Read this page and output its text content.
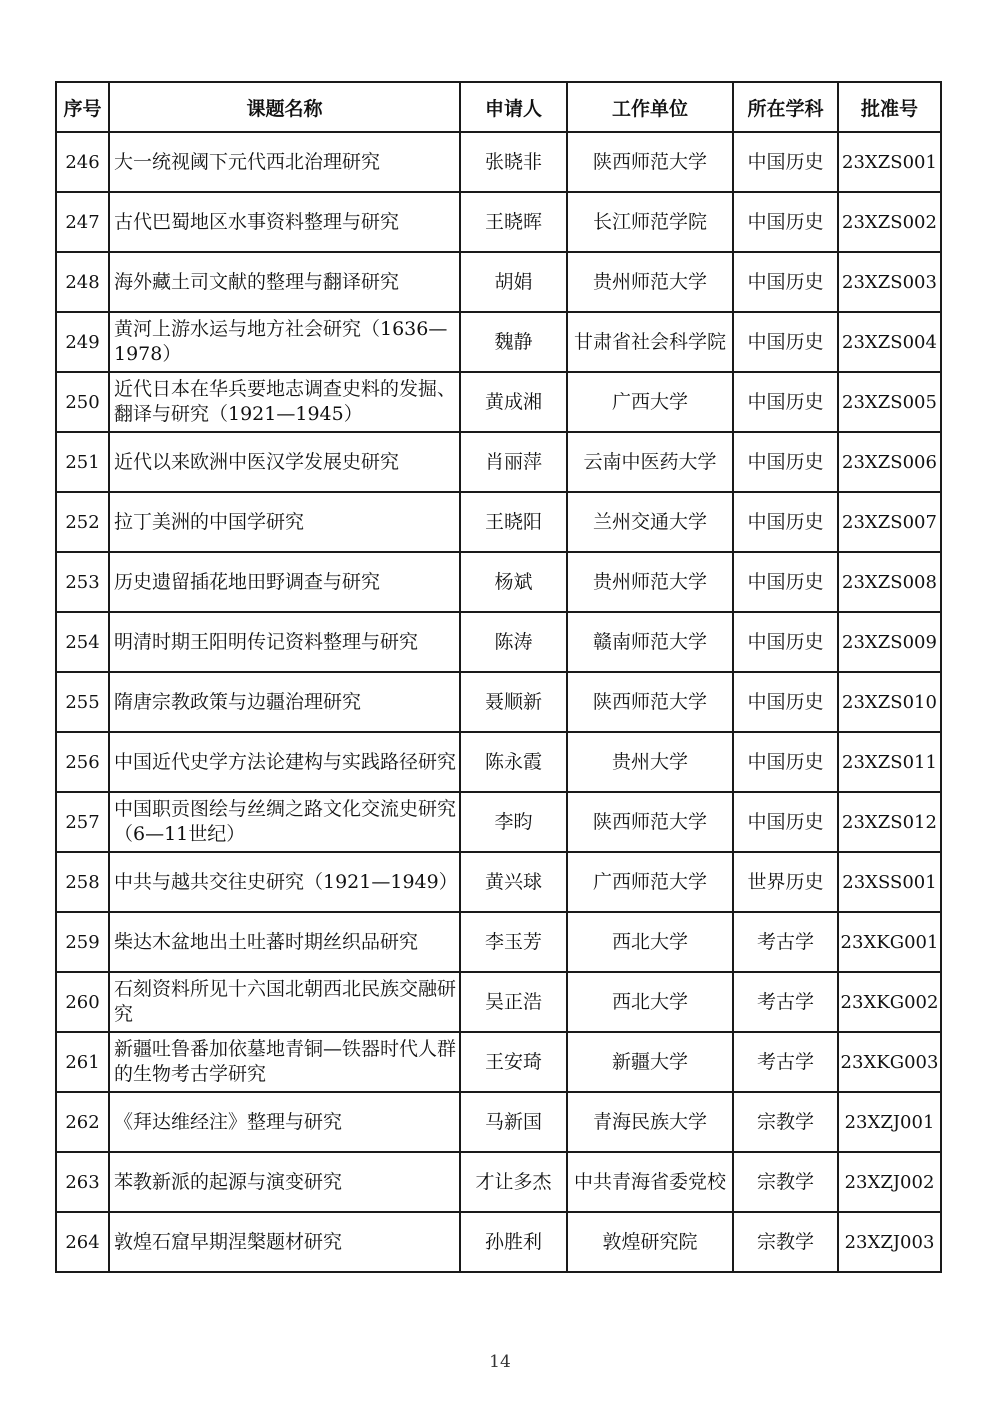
序号	课题名称	申请人	工作单位	所在学科	批准号
246	大一统视阈下元代西北治理研究	张晓非	陕西师范大学	中国历史	23XZS001
247	古代巴蜀地区水事资料整理与研究	王晓晖	长江师范学院	中国历史	23XZS002
248	海外藏土司文献的整理与翻译研究	胡娟	贵州师范大学	中国历史	23XZS003
249	黄河上游水运与地方社会研究（1636—1978）	魏静	甘肃省社会科学院	中国历史	23XZS004
250	近代日本在华兵要地志调查史料的发掘、翻译与研究（1921—1945）	黄成湘	广西大学	中国历史	23XZS005
251	近代以来欧洲中医汉学发展史研究	肖丽萍	云南中医药大学	中国历史	23XZS006
252	拉丁美洲的中国学研究	王晓阳	兰州交通大学	中国历史	23XZS007
253	历史遗留插花地田野调查与研究	杨斌	贵州师范大学	中国历史	23XZS008
254	明清时期王阳明传记资料整理与研究	陈涛	赣南师范大学	中国历史	23XZS009
255	隋唐宗教政策与边疆治理研究	聂顺新	陕西师范大学	中国历史	23XZS010
256	中国近代史学方法论建构与实践路径研究	陈永霞	贵州大学	中国历史	23XZS011
257	中国职贡图绘与丝绸之路文化交流史研究（6—11世纪）	李昀	陕西师范大学	中国历史	23XZS012
258	中共与越共交往史研究（1921—1949）	黄兴球	广西师范大学	世界历史	23XSS001
259	柴达木盆地出土吐蕃时期丝织品研究	李玉芳	西北大学	考古学	23XKG001
260	石刻资料所见十六国北朝西北民族交融研究	吴正浩	西北大学	考古学	23XKG002
261	新疆吐鲁番加依墓地青铜—铁器时代人群的生物考古学研究	王安琦	新疆大学	考古学	23XKG003
262	《拜达维经注》整理与研究	马新国	青海民族大学	宗教学	23XZJ001
263	苯教新派的起源与演变研究	才让多杰	中共青海省委党校	宗教学	23XZJ002
264	敦煌石窟早期涅槃题材研究	孙胜利	敦煌研究院	宗教学	23XZJ003
14
